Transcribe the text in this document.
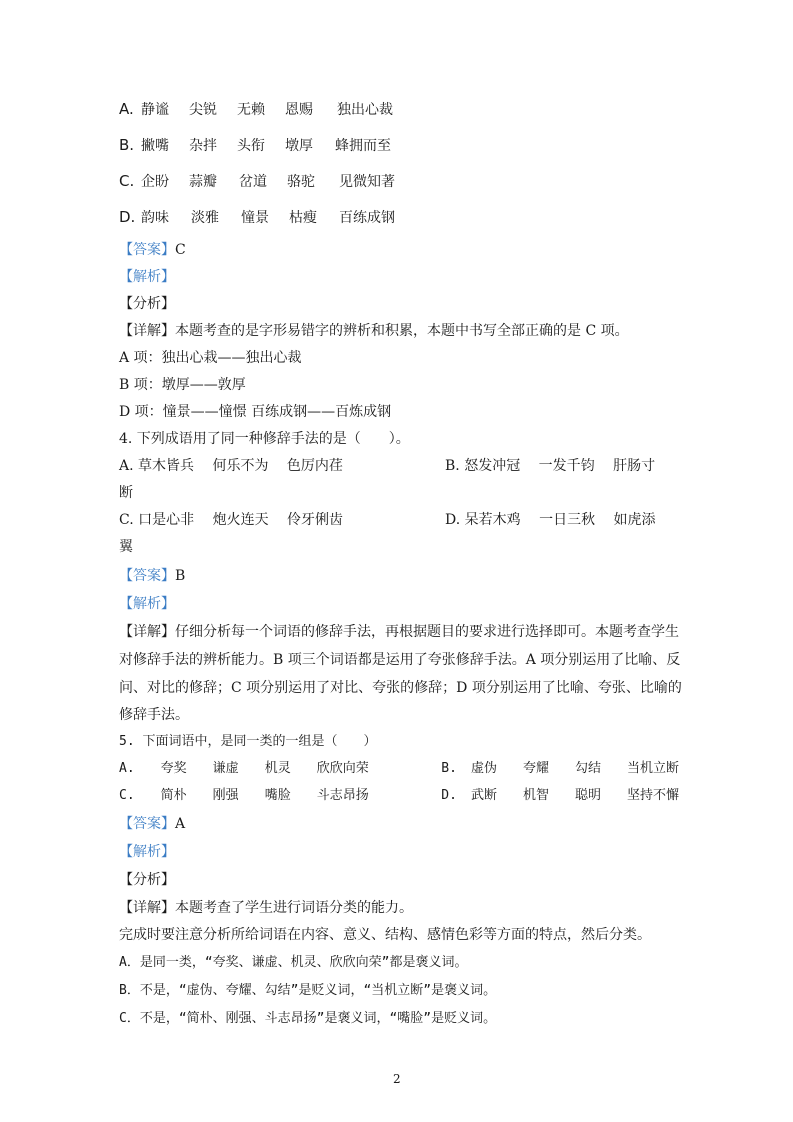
A. 静谧	尖锐	无赖	恩赐	独出心裁
B. 撇嘴	杂拌	头衔	墩厚	蜂拥而至
C. 企盼	蒜瓣	岔道	骆驼	见微知著
D. 韵味	淡雅	憧景	枯瘦	百练成钢
【答案】C
【解析】
【分析】
【详解】本题考查的是字形易错字的辨析和积累，本题中书写全部正确的是 C 项。
A 项：独出心栽——独出心裁
B 项：墩厚——敦厚
D 项：憧景——憧憬 百练成钢——百炼成钢
4. 下列成语用了同一种修辞手法的是（　　）。
A. 草木皆兵　 何乐不为　 色厉内荏	B. 怒发冲冠　 一发千钧　 肝肠寸
断
C. 口是心非　 炮火连天　 伶牙俐齿	D. 呆若木鸡　 一日三秋　 如虎添
翼
【答案】B
【解析】
【详解】仔细分析每一个词语的修辞手法，再根据题目的要求进行选择即可。本题考查学生
对修辞手法的辨析能力。B 项三个词语都是运用了夸张修辞手法。A 项分别运用了比喻、反
问、对比的修辞；C 项分别运用了对比、夸张的修辞；D 项分别运用了比喻、夸张、比喻的
修辞手法。
5. 下面词语中，是同一类的一组是（　　）
A. 夸奖 谦虚 机灵 欣欣向荣	B. 虚伪 夸耀 勾结 当机立断
C. 简朴 刚强 嘴脸 斗志昂扬	D. 武断 机智 聪明 坚持不懈
【答案】A
【解析】
【分析】
【详解】本题考查了学生进行词语分类的能力。
完成时要注意分析所给词语在内容、意义、结构、感情色彩等方面的特点，然后分类。
A．是同一类，“夸奖、谦虚、机灵、欣欣向荣”都是褒义词。
B．不是，“虚伪、夸耀、勾结”是贬义词，“当机立断”是褒义词。
C．不是，“简朴、刚强、斗志昂扬”是褒义词，“嘴脸”是贬义词。
2
